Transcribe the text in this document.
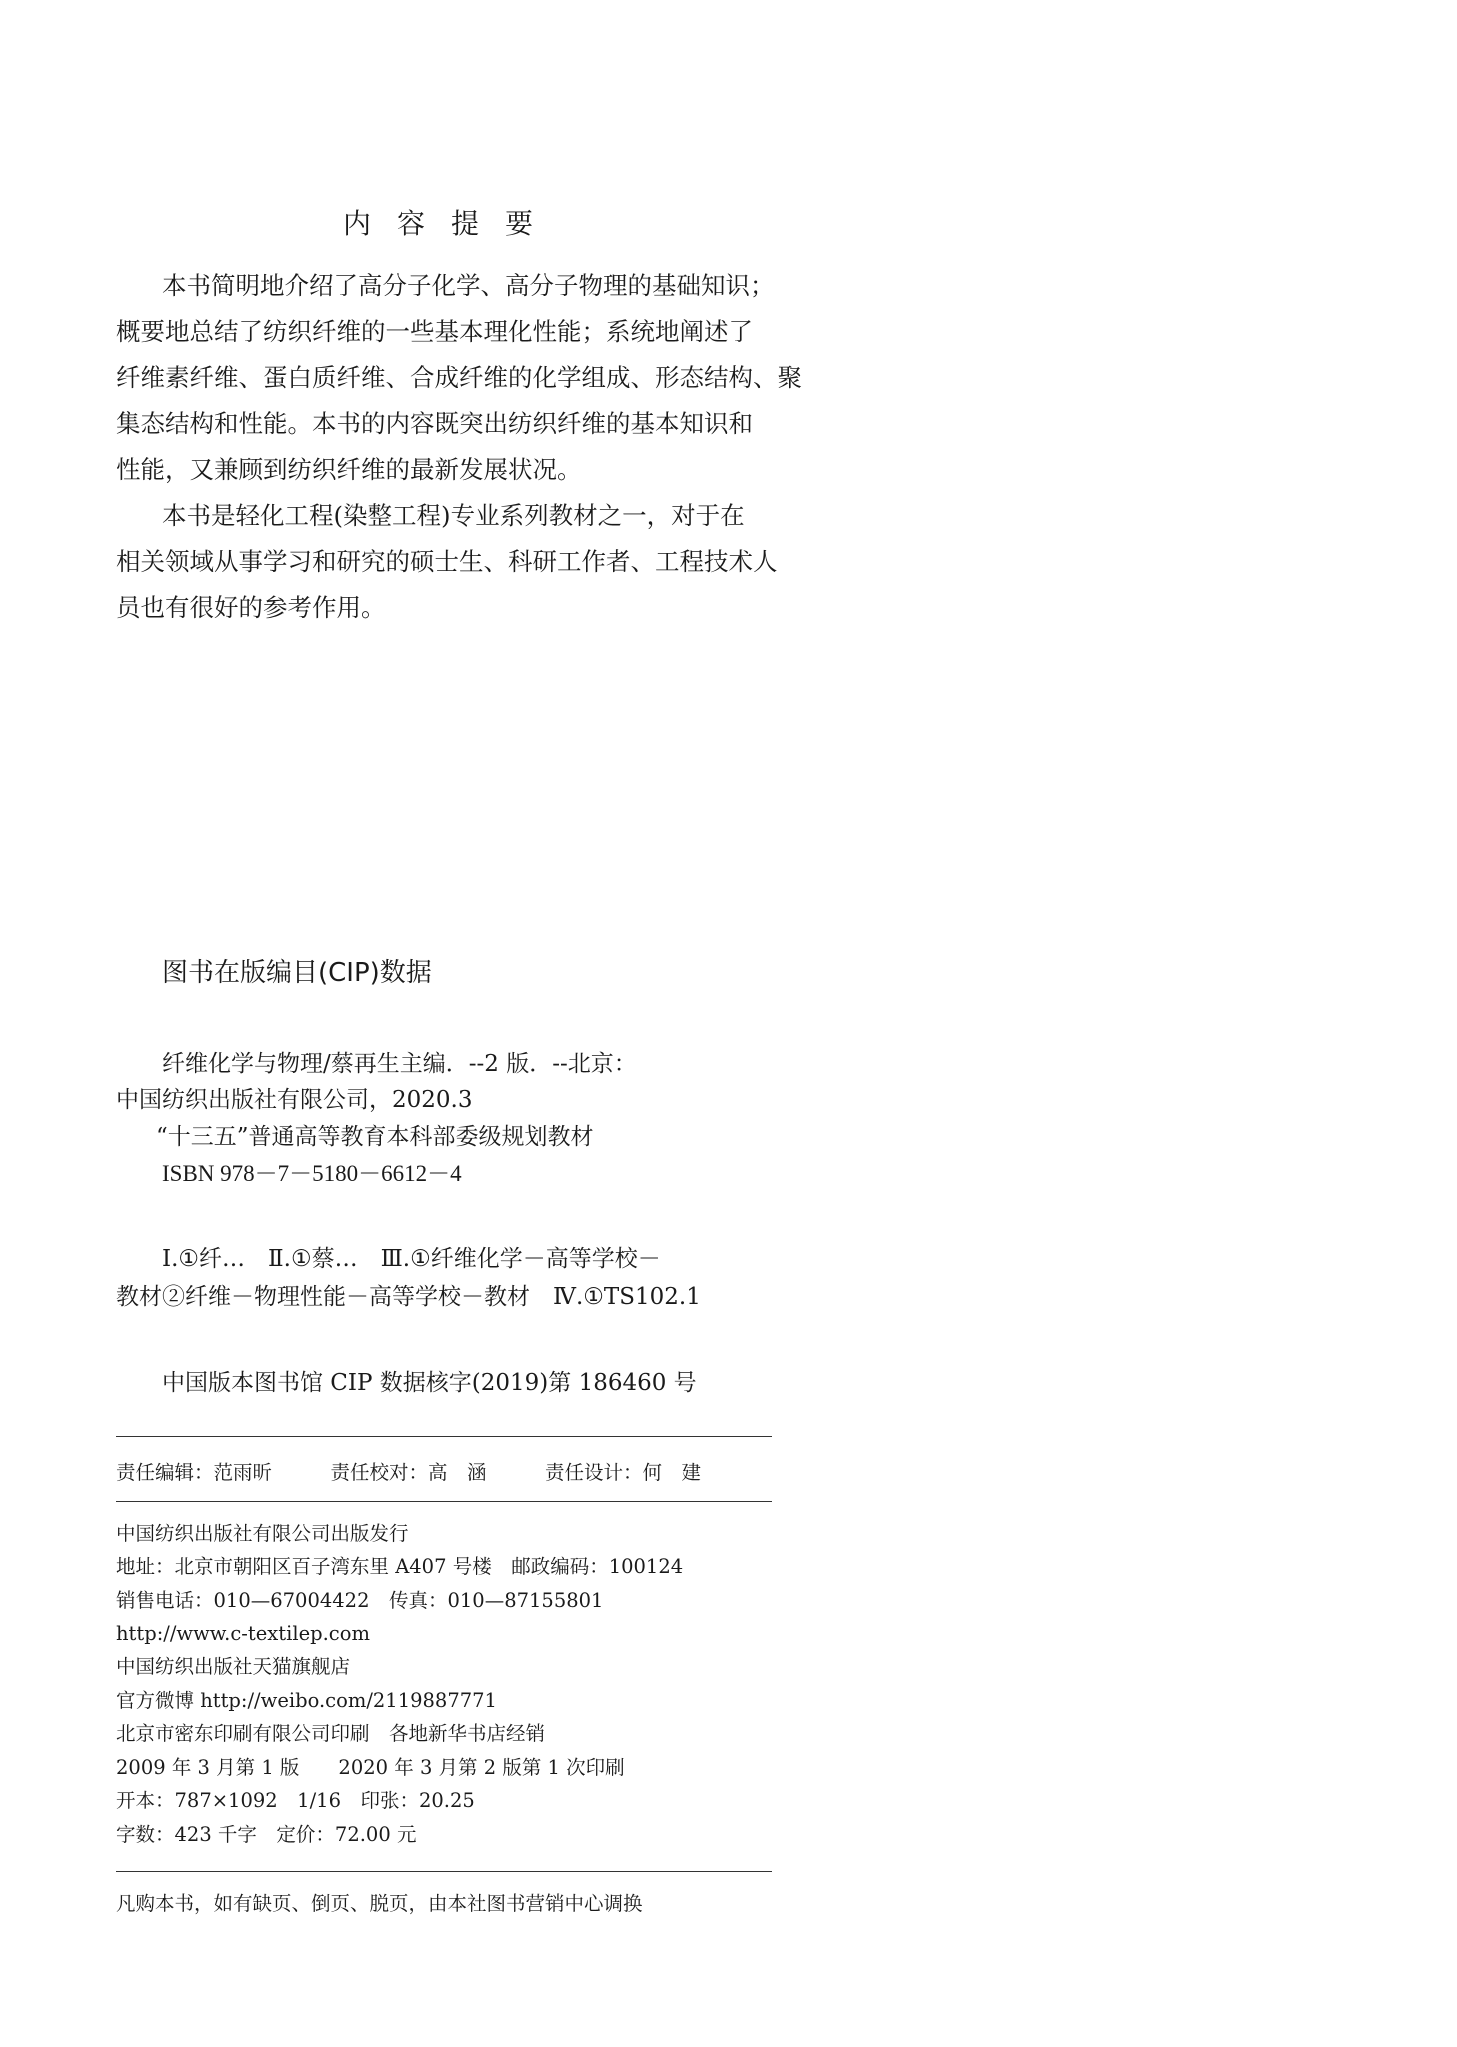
内容提要
本书简明地介绍了高分子化学、高分子物理的基础知识；
概要地总结了纺织纤维的一些基本理化性能；系统地阐述了
纤维素纤维、蛋白质纤维、合成纤维的化学组成、形态结构、聚
集态结构和性能。本书的内容既突出纺织纤维的基本知识和
性能，又兼顾到纺织纤维的最新发展状况。
本书是轻化工程(染整工程)专业系列教材之一，对于在
相关领域从事学习和研究的硕士生、科研工作者、工程技术人
员也有很好的参考作用。
图书在版编目(CIP)数据
纤维化学与物理/蔡再生主编．--2 版．--北京：
中国纺织出版社有限公司，2020.3
“十三五”普通高等教育本科部委级规划教材
ISBN 978－7－5180－6612－4
Ⅰ.①纤…　Ⅱ.①蔡…　Ⅲ.①纤维化学－高等学校－
教材②纤维－物理性能－高等学校－教材　Ⅳ.①TS102.1
中国版本图书馆 CIP 数据核字(2019)第 186460 号
责任编辑：范雨昕　　　责任校对：高　涵　　　责任设计：何　建
中国纺织出版社有限公司出版发行
地址：北京市朝阳区百子湾东里 A407 号楼　邮政编码：100124
销售电话：010—67004422　传真：010—87155801
http://www.c-textilep.com
中国纺织出版社天猫旗舰店
官方微博 http://weibo.com/2119887771
北京市密东印刷有限公司印刷　各地新华书店经销
2009 年 3 月第 1 版　　2020 年 3 月第 2 版第 1 次印刷
开本：787×1092　1/16　印张：20.25
字数：423 千字　定价：72.00 元
凡购本书，如有缺页、倒页、脱页，由本社图书营销中心调换
